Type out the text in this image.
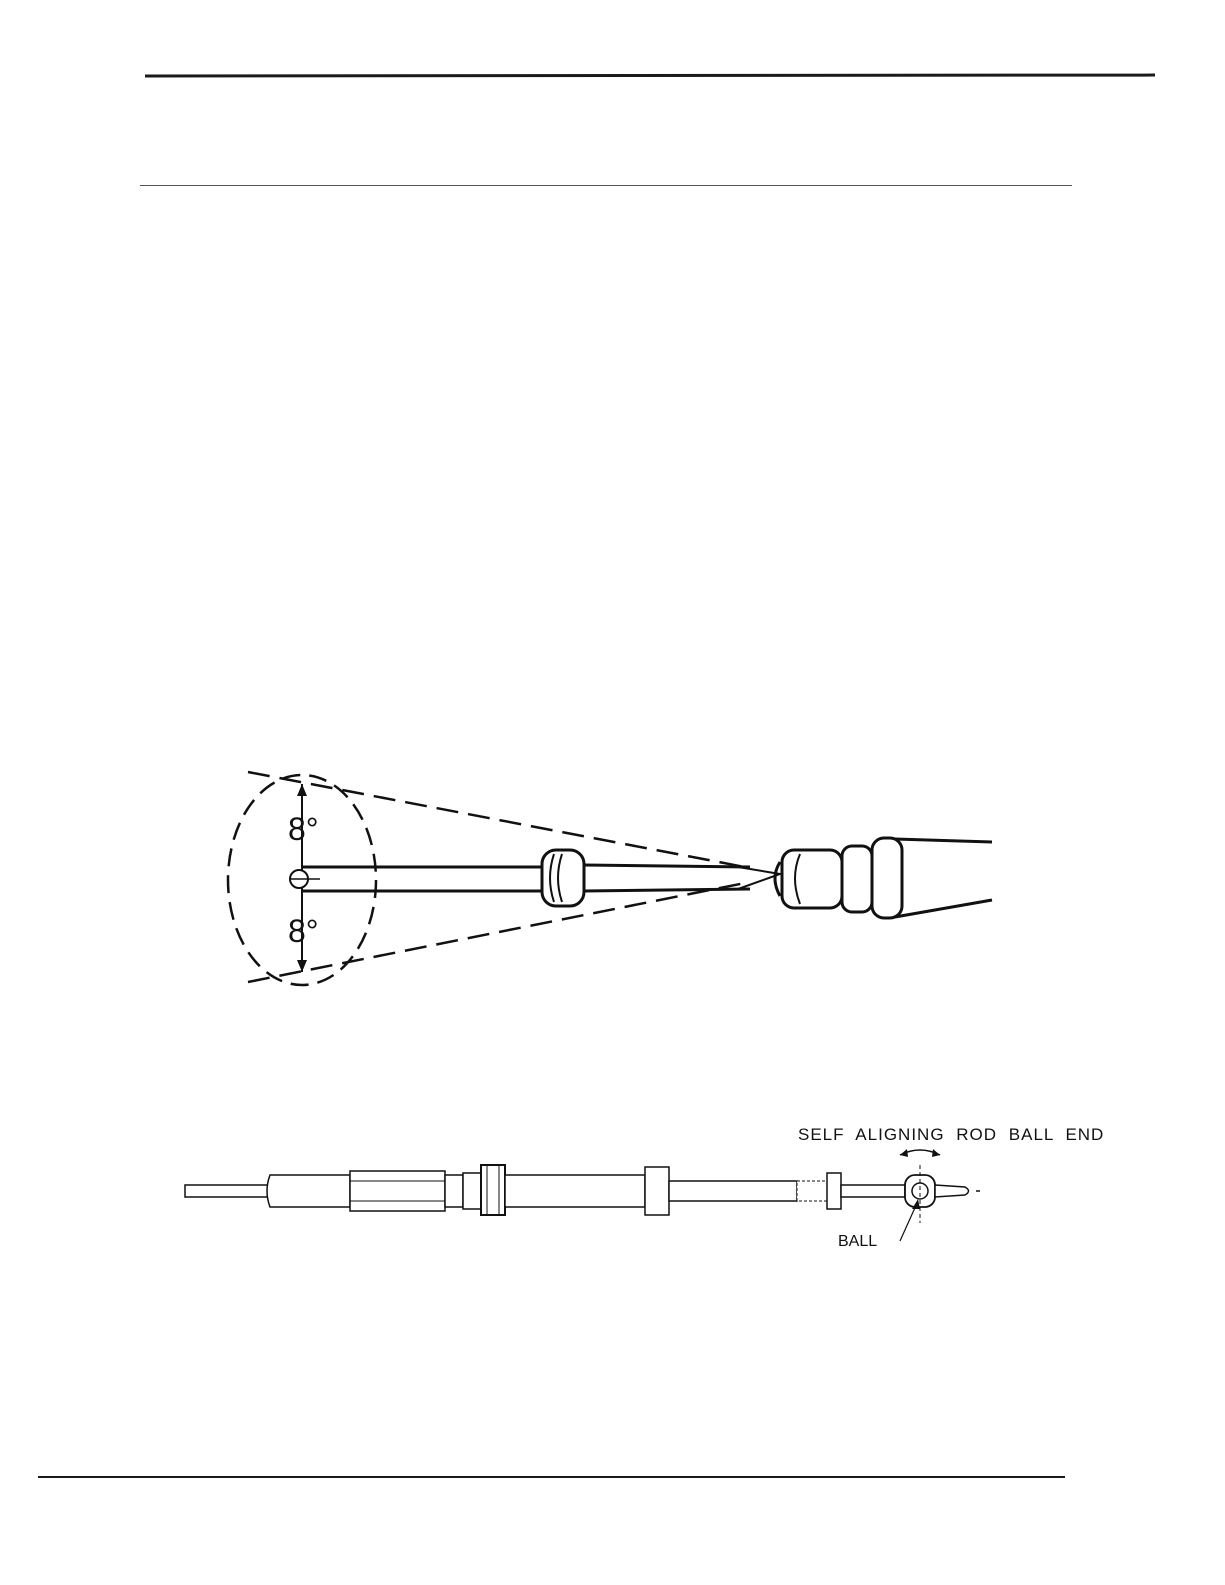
8°
8°
SELF ALIGNING ROD BALL END
BALL
